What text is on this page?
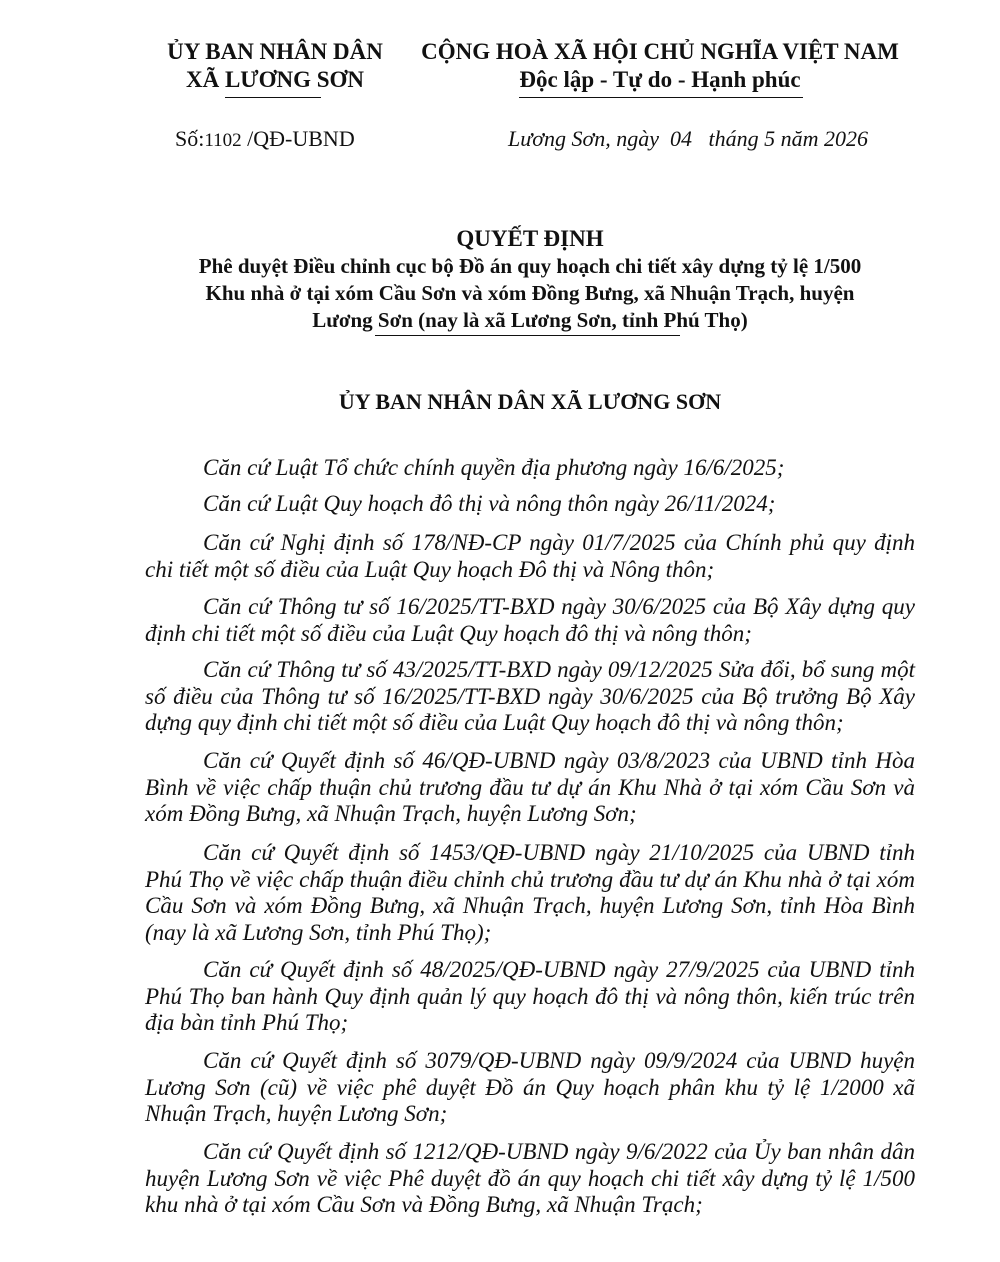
ỦY BAN NHÂN DÂN
XÃ LƯƠNG SƠN
CỘNG HOÀ XÃ HỘI CHỦ NGHĨA VIỆT NAM
Độc lập - Tự do - Hạnh phúc
Số:1102 /QĐ-UBND	Lương Sơn, ngày  04   tháng 5 năm 2026
QUYẾT ĐỊNH
Phê duyệt Điều chỉnh cục bộ Đồ án quy hoạch chi tiết xây dựng tỷ lệ 1/500
Khu nhà ở tại xóm Cầu Sơn và xóm Đồng Bưng, xã Nhuận Trạch, huyện
Lương Sơn (nay là xã Lương Sơn, tỉnh Phú Thọ)
ỦY BAN NHÂN DÂN XÃ LƯƠNG SƠN
Căn cứ Luật Tổ chức chính quyền địa phương ngày 16/6/2025;
Căn cứ Luật Quy hoạch đô thị và nông thôn ngày 26/11/2024;
Căn cứ Nghị định số 178/NĐ-CP ngày 01/7/2025 của Chính phủ quy định chi tiết một số điều của Luật Quy hoạch Đô thị và Nông thôn;
Căn cứ Thông tư số 16/2025/TT-BXD ngày 30/6/2025 của Bộ Xây dựng quy định chi tiết một số điều của Luật Quy hoạch đô thị và nông thôn;
Căn cứ Thông tư số 43/2025/TT-BXD ngày 09/12/2025 Sửa đổi, bổ sung một số điều của Thông tư số 16/2025/TT-BXD ngày 30/6/2025 của Bộ trưởng Bộ Xây dựng quy định chi tiết một số điều của Luật Quy hoạch đô thị và nông thôn;
Căn cứ Quyết định số 46/QĐ-UBND ngày 03/8/2023 của UBND tỉnh Hòa Bình về việc chấp thuận chủ trương đầu tư dự án Khu Nhà ở tại xóm Cầu Sơn và xóm Đồng Bưng, xã Nhuận Trạch, huyện Lương Sơn;
Căn cứ Quyết định số 1453/QĐ-UBND ngày 21/10/2025 của UBND tỉnh Phú Thọ về việc chấp thuận điều chỉnh chủ trương đầu tư dự án Khu nhà ở tại xóm Cầu Sơn và xóm Đồng Bưng, xã Nhuận Trạch, huyện Lương Sơn, tỉnh Hòa Bình (nay là xã Lương Sơn, tỉnh Phú Thọ);
Căn cứ Quyết định số 48/2025/QĐ-UBND ngày 27/9/2025 của UBND tỉnh Phú Thọ ban hành Quy định quản lý quy hoạch đô thị và nông thôn, kiến trúc trên địa bàn tỉnh Phú Thọ;
Căn cứ Quyết định số 3079/QĐ-UBND ngày 09/9/2024 của UBND huyện Lương Sơn (cũ) về việc phê duyệt Đồ án Quy hoạch phân khu tỷ lệ 1/2000 xã Nhuận Trạch, huyện Lương Sơn;
Căn cứ Quyết định số 1212/QĐ-UBND ngày 9/6/2022 của Ủy ban nhân dân huyện Lương Sơn về việc Phê duyệt đồ án quy hoạch chi tiết xây dựng tỷ lệ 1/500 khu nhà ở tại xóm Cầu Sơn và Đồng Bưng, xã Nhuận Trạch;
